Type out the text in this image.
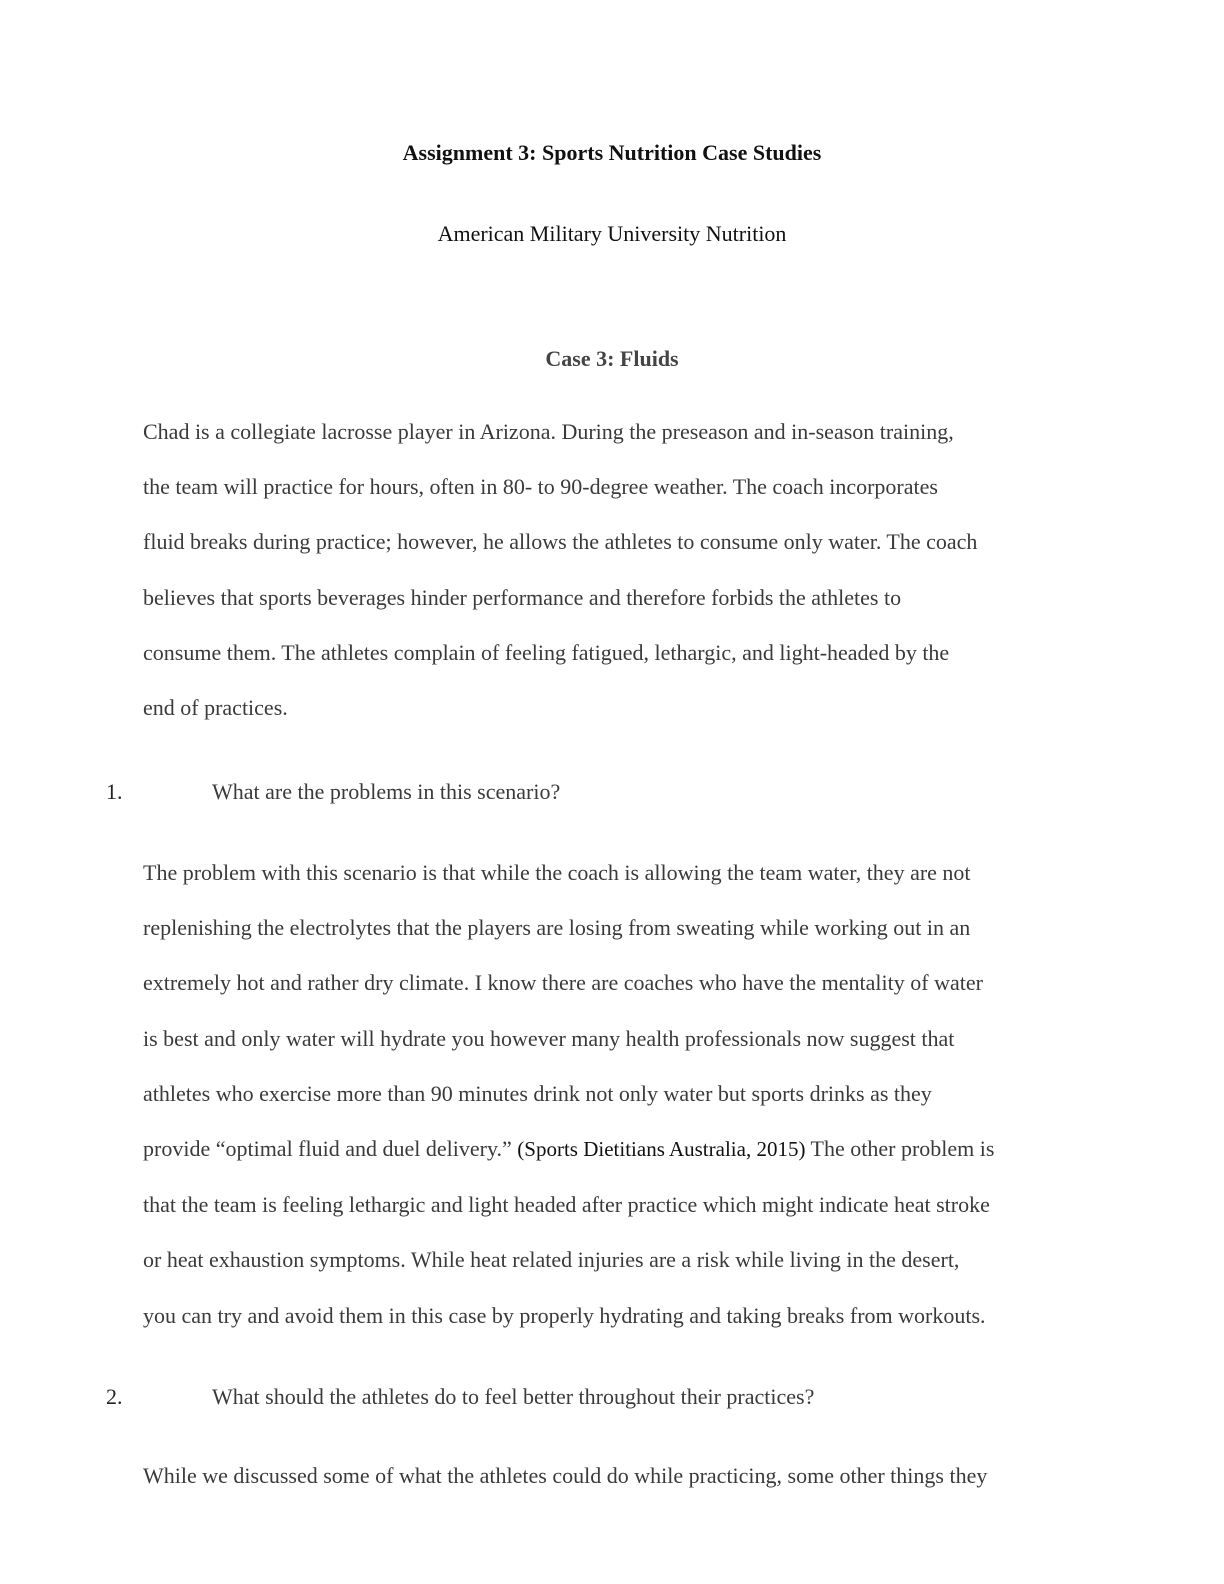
Assignment 3: Sports Nutrition Case Studies
American Military University Nutrition
Case 3: Fluids

Chad is a collegiate lacrosse player in Arizona. During the preseason and in-season training,
the team will practice for hours, often in 80- to 90-degree weather. The coach incorporates
fluid breaks during practice; however, he allows the athletes to consume only water. The coach
believes that sports beverages hinder performance and therefore forbids the athletes to
consume them. The athletes complain of feeling fatigued, lethargic, and light-headed by the
end of practices.

1.	What are the problems in this scenario?

The problem with this scenario is that while the coach is allowing the team water, they are not
replenishing the electrolytes that the players are losing from sweating while working out in an
extremely hot and rather dry climate. I know there are coaches who have the mentality of water
is best and only water will hydrate you however many health professionals now suggest that
athletes who exercise more than 90 minutes drink not only water but sports drinks as they
provide “optimal fluid and duel delivery.” (Sports Dietitians Australia, 2015) The other problem is
that the team is feeling lethargic and light headed after practice which might indicate heat stroke
or heat exhaustion symptoms. While heat related injuries are a risk while living in the desert,
you can try and avoid them in this case by properly hydrating and taking breaks from workouts.

2.	What should the athletes do to feel better throughout their practices?

While we discussed some of what the athletes could do while practicing, some other things they
